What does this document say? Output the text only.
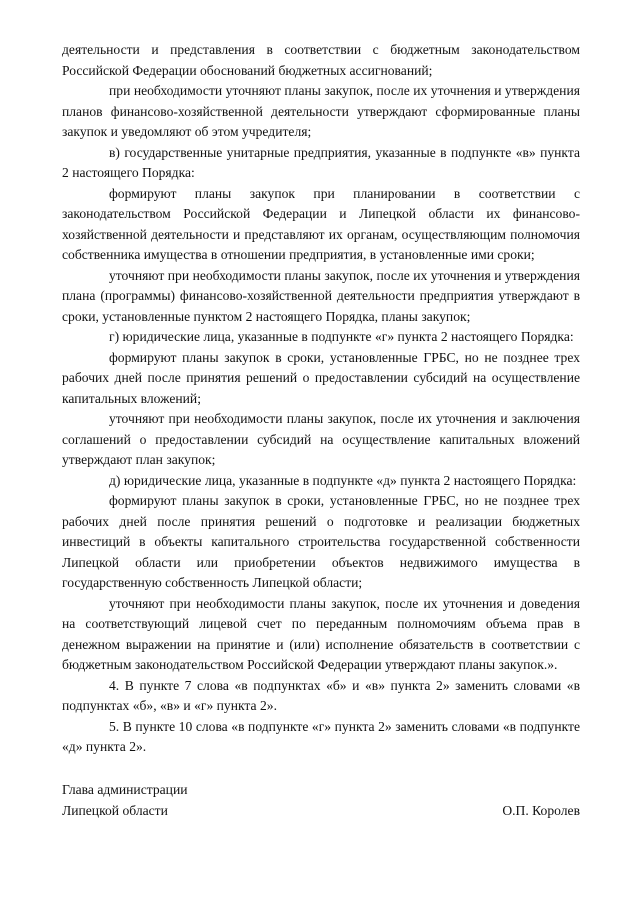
деятельности и представления в соответствии с бюджетным законодательством Российской Федерации обоснований бюджетных ассигнований;

при необходимости уточняют планы закупок, после их уточнения и утверждения планов финансово-хозяйственной деятельности утверждают сформированные планы закупок и уведомляют об этом учредителя;

в) государственные унитарные предприятия, указанные в подпункте «в» пункта 2 настоящего Порядка:

формируют планы закупок при планировании в соответствии с законодательством Российской Федерации и Липецкой области их финансово-хозяйственной деятельности и представляют их органам, осуществляющим полномочия собственника имущества в отношении предприятия, в установленные ими сроки;

уточняют при необходимости планы закупок, после их уточнения и утверждения плана (программы) финансово-хозяйственной деятельности предприятия утверждают в сроки, установленные пунктом 2 настоящего Порядка, планы закупок;

г) юридические лица, указанные в подпункте «г» пункта 2 настоящего Порядка:

формируют планы закупок в сроки, установленные ГРБС, но не позднее трех рабочих дней после принятия решений о предоставлении субсидий на осуществление капитальных вложений;

уточняют при необходимости планы закупок, после их уточнения и заключения соглашений о предоставлении субсидий на осуществление капитальных вложений утверждают план закупок;

д) юридические лица, указанные в подпункте «д» пункта 2 настоящего Порядка:

формируют планы закупок в сроки, установленные ГРБС, но не позднее трех рабочих дней после принятия решений о подготовке и реализации бюджетных инвестиций в объекты капитального строительства государственной собственности Липецкой области или приобретении объектов недвижимого имущества в государственную собственность Липецкой области;

уточняют при необходимости планы закупок, после их уточнения и доведения на соответствующий лицевой счет по переданным полномочиям объема прав в денежном выражении на принятие и (или) исполнение обязательств в соответствии с бюджетным законодательством Российской Федерации утверждают планы закупок.».

4. В пункте 7 слова «в подпунктах «б» и «в» пункта 2» заменить словами «в подпунктах «б», «в» и «г» пункта 2».

5. В пункте 10 слова «в подпункте «г» пункта 2» заменить словами «в подпункте «д» пункта 2».

Глава администрации
Липецкой области	О.П. Королев
